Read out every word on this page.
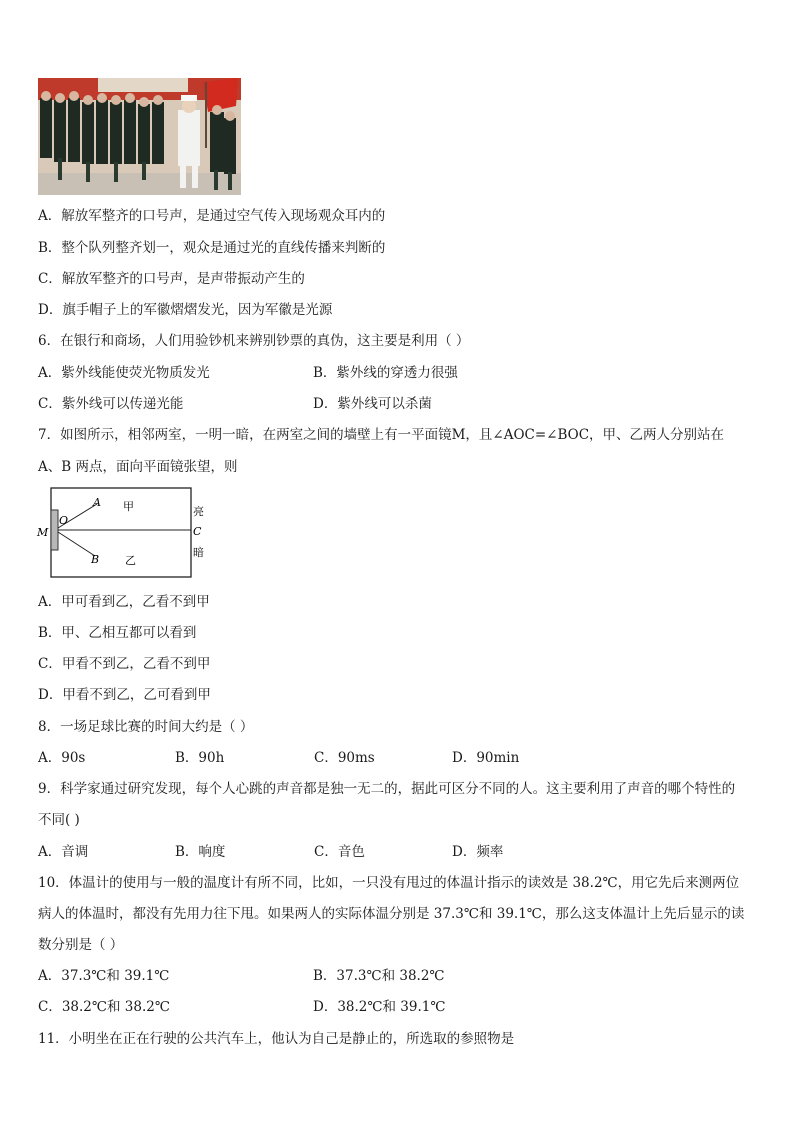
A．解放军整齐的口号声，是通过空气传入现场观众耳内的
B．整个队列整齐划一，观众是通过光的直线传播来判断的
C．解放军整齐的口号声，是声带振动产生的
D．旗手帽子上的军徽熠熠发光，因为军徽是光源
6．在银行和商场，人们用验钞机来辨别钞票的真伪，这主要是利用（ ）
A．紫外线能使荧光物质发光	B．紫外线的穿透力很强
C．紫外线可以传递光能	D．紫外线可以杀菌
7．如图所示，相邻两室，一明一暗，在两室之间的墙壁上有一平面镜M，且∠AOC=∠BOC，甲、乙两人分别站在
A、B 两点，面向平面镜张望，则
M
O
A
B
甲
乙
亮
C
暗
A．甲可看到乙，乙看不到甲
B．甲、乙相互都可以看到
C．甲看不到乙，乙看不到甲
D．甲看不到乙，乙可看到甲
8．一场足球比赛的时间大约是（ ）
A．90s	B．90h	C．90ms	D．90min
9．科学家通过研究发现，每个人心跳的声音都是独一无二的，据此可区分不同的人。这主要利用了声音的哪个特性的
不同( )
A．音调	B．响度	C．音色	D．频率
10．体温计的使用与一般的温度计有所不同，比如，一只没有甩过的体温计指示的读效是 38.2℃，用它先后来测两位
病人的体温时，都没有先用力往下甩。如果两人的实际体温分别是 37.3℃和 39.1℃，那么这支体温计上先后显示的读
数分别是（ ）
A．37.3℃和 39.1℃	B．37.3℃和 38.2℃
C．38.2℃和 38.2℃	D．38.2℃和 39.1℃
11．小明坐在正在行驶的公共汽车上，他认为自己是静止的，所选取的参照物是
